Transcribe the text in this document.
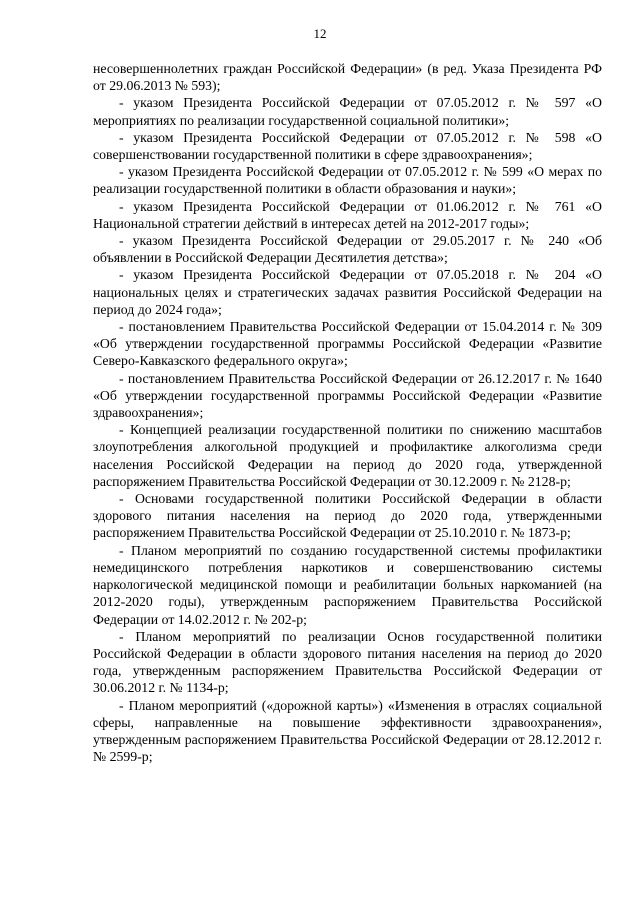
12

несовершеннолетних граждан Российской Федерации» (в ред. Указа Президента РФ от 29.06.2013 № 593);

- указом Президента Российской Федерации от 07.05.2012 г. № 597 «О мероприятиях по реализации государственной социальной политики»;

- указом Президента Российской Федерации от 07.05.2012 г. № 598 «О совершенствовании государственной политики в сфере здравоохранения»;

- указом Президента Российской Федерации от 07.05.2012 г. № 599 «О мерах по реализации государственной политики в области образования и науки»;

- указом Президента Российской Федерации от 01.06.2012 г. № 761 «О Национальной стратегии действий в интересах детей на 2012-2017 годы»;

- указом Президента Российской Федерации от 29.05.2017 г. № 240 «Об объявлении в Российской Федерации Десятилетия детства»;

- указом Президента Российской Федерации от 07.05.2018 г. № 204 «О национальных целях и стратегических задачах развития Российской Федерации на период до 2024 года»;

- постановлением Правительства Российской Федерации от 15.04.2014 г. № 309 «Об утверждении государственной программы Российской Федерации «Развитие Северо-Кавказского федерального округа»;

- постановлением Правительства Российской Федерации от 26.12.2017 г. № 1640 «Об утверждении государственной программы Российской Федерации «Развитие здравоохранения»;

- Концепцией реализации государственной политики по снижению масштабов злоупотребления алкогольной продукцией и профилактике алкоголизма среди населения Российской Федерации на период до 2020 года, утвержденной распоряжением Правительства Российской Федерации от 30.12.2009 г. № 2128-р;

- Основами государственной политики Российской Федерации в области здорового питания населения на период до 2020 года, утвержденными распоряжением Правительства Российской Федерации от 25.10.2010 г. № 1873-р;

- Планом мероприятий по созданию государственной системы профилактики немедицинского потребления наркотиков и совершенствованию системы наркологической медицинской помощи и реабилитации больных наркоманией (на 2012-2020 годы), утвержденным распоряжением Правительства Российской Федерации от 14.02.2012 г. № 202-р;

- Планом мероприятий по реализации Основ государственной политики Российской Федерации в области здорового питания населения на период до 2020 года, утвержденным распоряжением Правительства Российской Федерации от 30.06.2012 г. № 1134-р;

- Планом мероприятий («дорожной карты») «Изменения в отраслях социальной сферы, направленные на повышение эффективности здравоохранения», утвержденным распоряжением Правительства Российской Федерации от 28.12.2012 г. № 2599-р;
